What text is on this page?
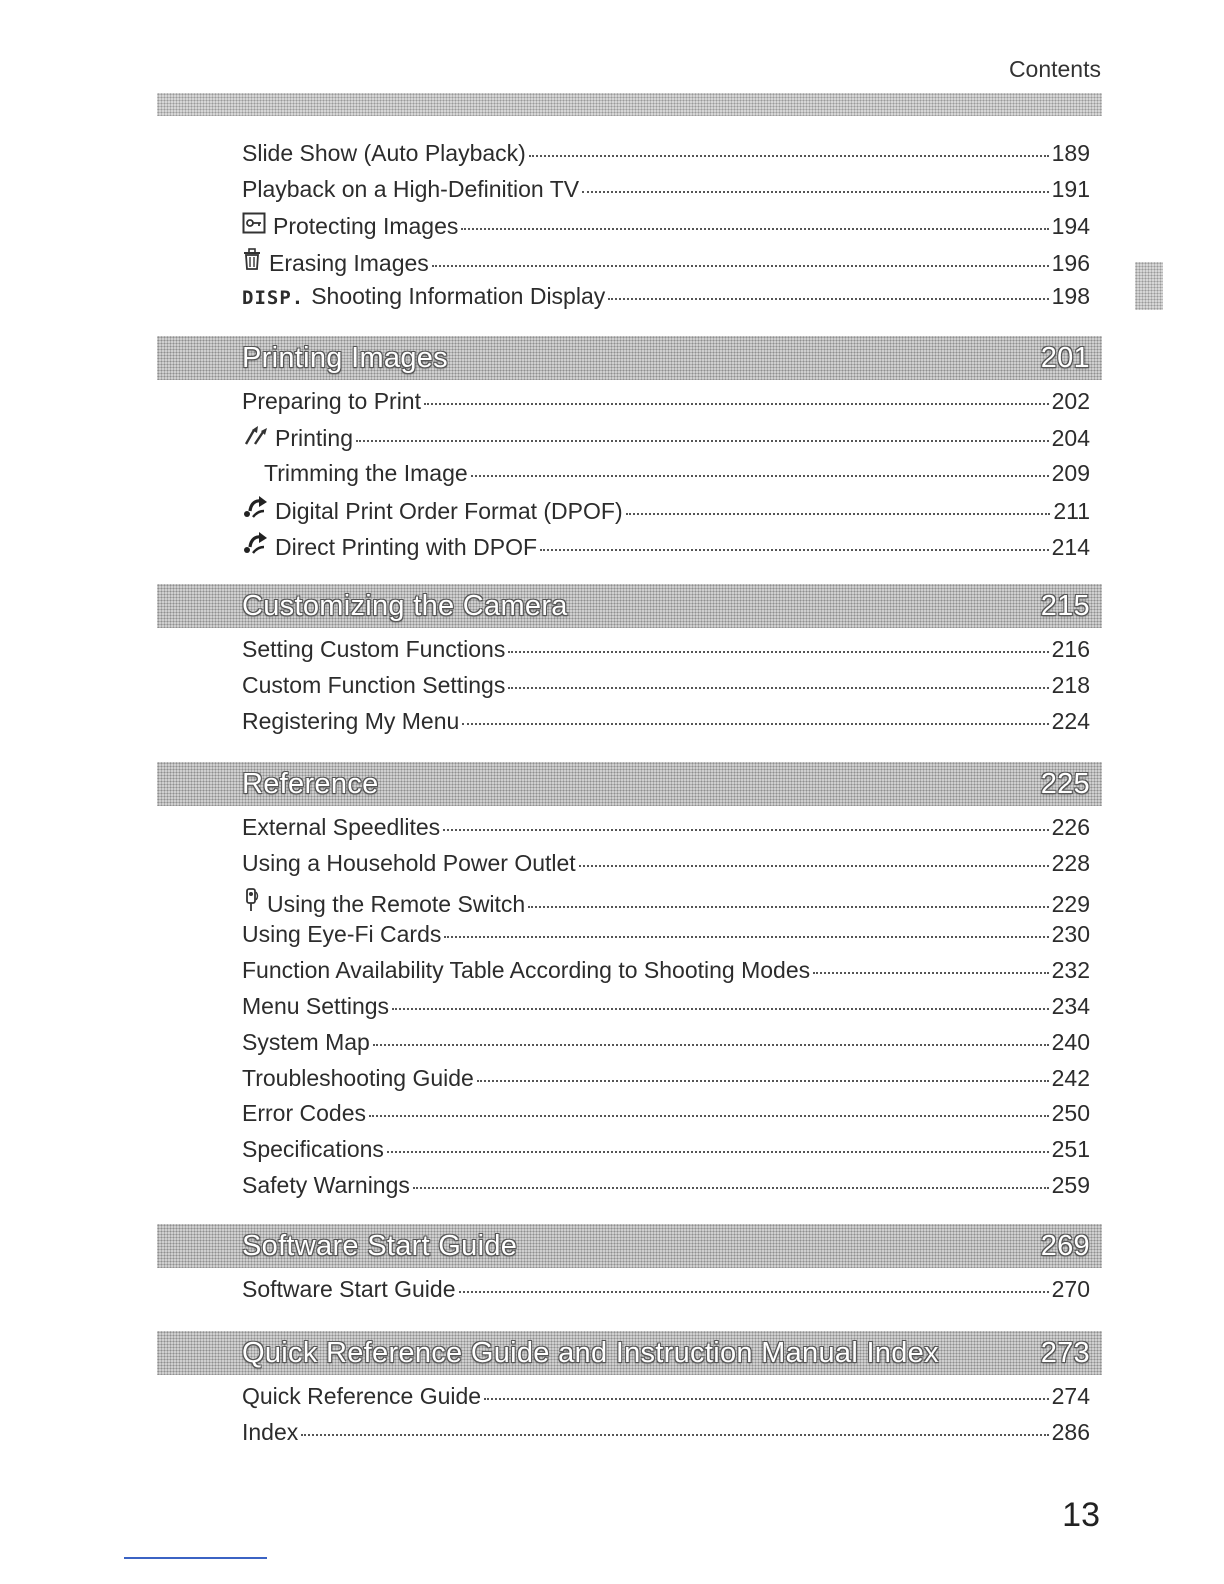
Contents
Slide Show (Auto Playback)	189
Playback on a High-Definition TV	191
Protecting Images	194
Erasing Images	196
DISP. Shooting Information Display	198
Printing Images	201
Preparing to Print	202
Printing	204
Trimming the Image	209
Digital Print Order Format (DPOF)	211
Direct Printing with DPOF	214
Customizing the Camera	215
Setting Custom Functions	216
Custom Function Settings	218
Registering My Menu	224
Reference	225
External Speedlites	226
Using a Household Power Outlet	228
Using the Remote Switch	229
Using Eye-Fi Cards	230
Function Availability Table According to Shooting Modes	232
Menu Settings	234
System Map	240
Troubleshooting Guide	242
Error Codes	250
Specifications	251
Safety Warnings	259
Software Start Guide	269
Software Start Guide	270
Quick Reference Guide and Instruction Manual Index	273
Quick Reference Guide	274
Index	286
13
